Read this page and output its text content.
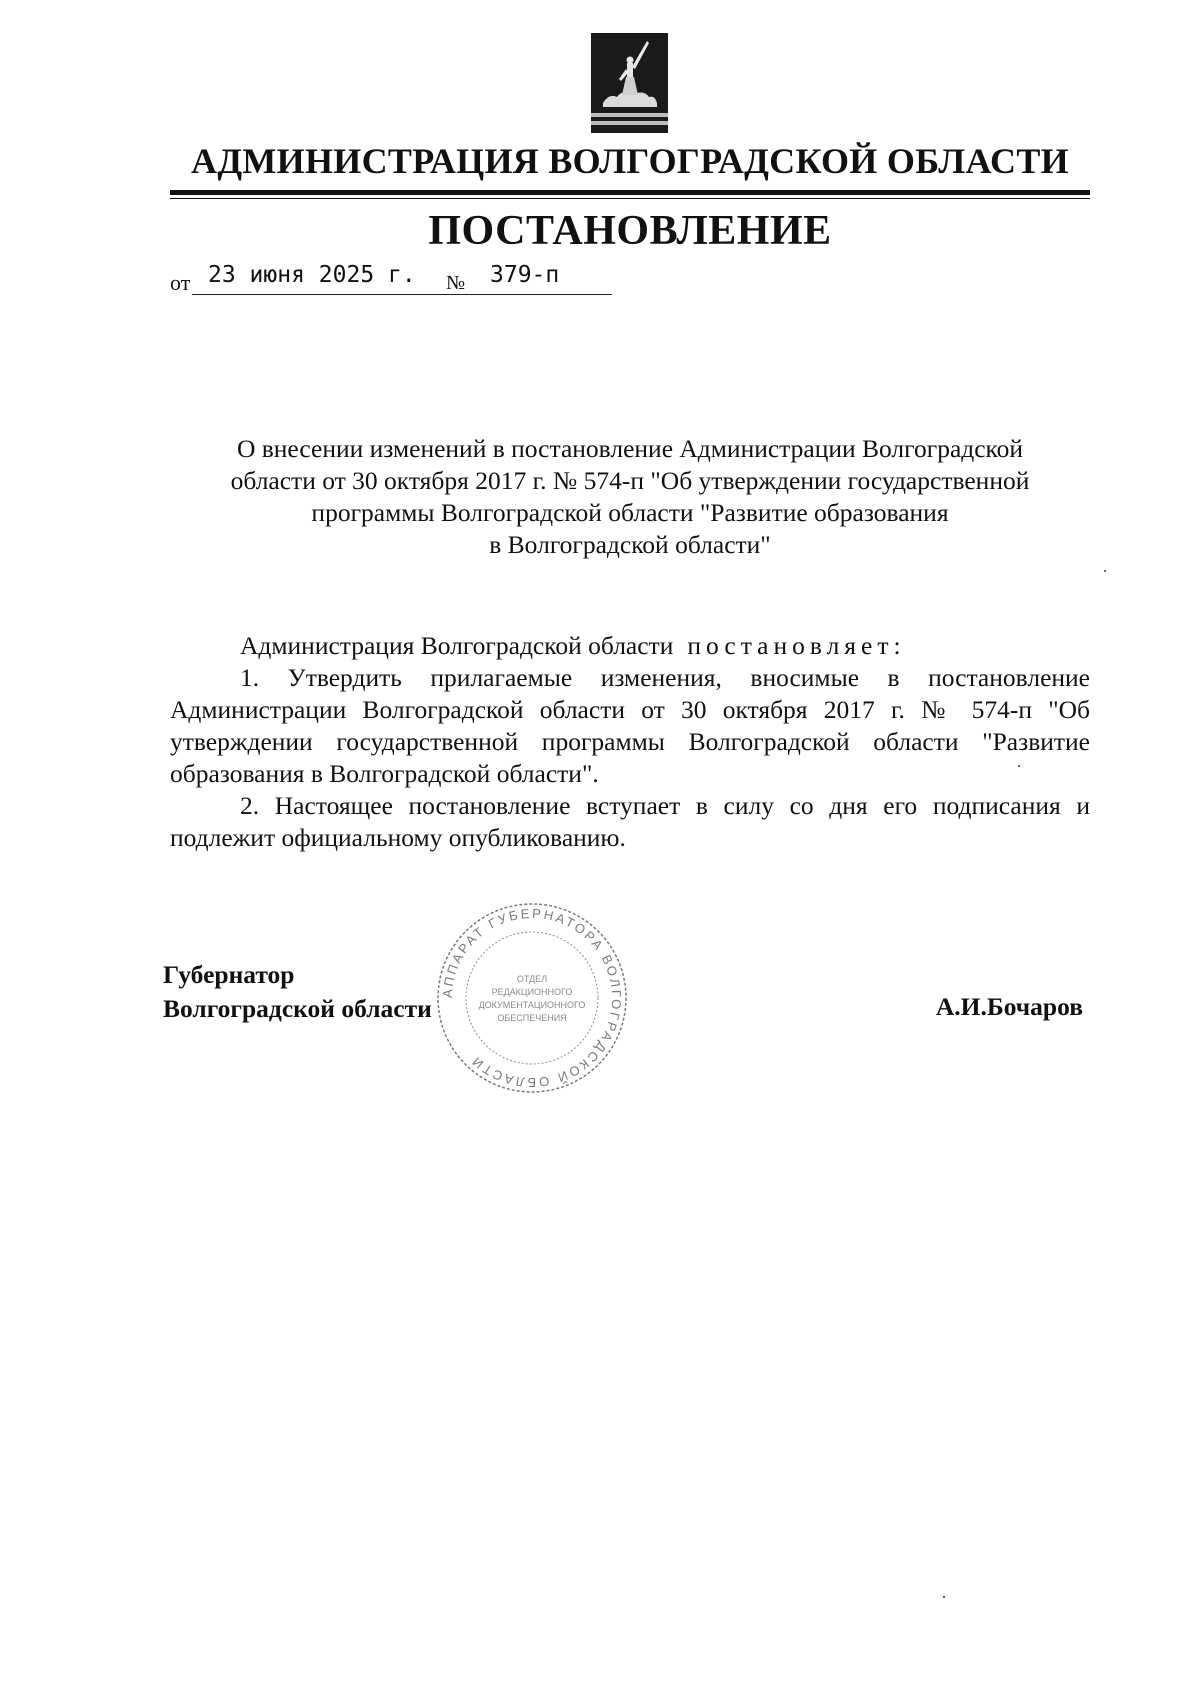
АДМИНИСТРАЦИЯ ВОЛГОГРАДСКОЙ ОБЛАСТИ
ПОСТАНОВЛЕНИЕ
от 23 июня 2025 г. № 379-п
О внесении изменений в постановление Администрации Волгоградской
области от 30 октября 2017 г. № 574-п "Об утверждении государственной
программы Волгоградской области "Развитие образования
в Волгоградской области"
Администрация Волгоградской области постановляет:

1. Утвердить прилагаемые изменения, вносимые в постановление Администрации Волгоградской области от 30 октября 2017 г. № 574-п "Об утверждении государственной программы Волгоградской области "Развитие образования в Волгоградской области".

2. Настоящее постановление вступает в силу со дня его подписания и подлежит официальному опубликованию.

АППАРАТ ГУБЕРНАТОРА ВОЛГОГРАДСКОЙ ОБЛАСТИ
ОТДЕЛ
РЕДАКЦИОННОГО
ДОКУМЕНТАЦИОННОГО
ОБЕСПЕЧЕНИЯ
Губернатор
Волгоградской области	А.И.Бочаров
